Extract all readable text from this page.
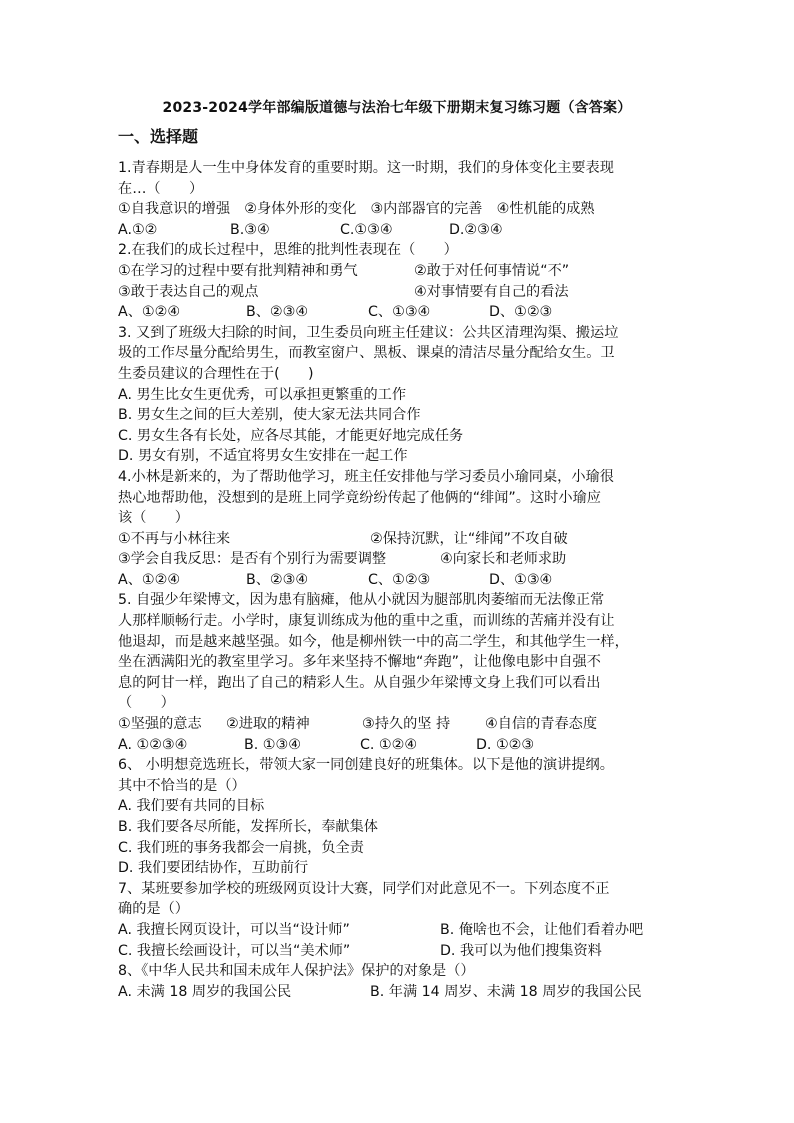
2023-2024学年部编版道德与法治七年级下册期末复习练习题（含答案）
一、选择题
1.青春期是人一生中身体发育的重要时期。这一时期，我们的身体变化主要表现
在…（　　）
①自我意识的增强　②身体外形的变化　③内部器官的完善　④性机能的成熟
A.①②	B.③④	C.①③④	D.②③④
2.在我们的成长过程中，思维的批判性表现在（　　）
①在学习的过程中要有批判精神和勇气	②敢于对任何事情说“不”
③敢于表达自己的观点	④对事情要有自己的看法
A、①②④	B、②③④	C、①③④	D、①②③
3. 又到了班级大扫除的时间，卫生委员向班主任建议：公共区清理沟渠、搬运垃
圾的工作尽量分配给男生，而教室窗户、黑板、课桌的清洁尽量分配给女生。卫
生委员建议的合理性在于(　　)
A. 男生比女生更优秀，可以承担更繁重的工作
B. 男女生之间的巨大差别，使大家无法共同合作
C. 男女生各有长处，应各尽其能，才能更好地完成任务
D. 男女有别，不适宜将男女生安排在一起工作
4.小林是新来的，为了帮助他学习，班主任安排他与学习委员小瑜同桌，小瑜很
热心地帮助他，没想到的是班上同学竟纷纷传起了他俩的“绯闻”。这时小瑜应
该（　　）
①不再与小林往来	②保持沉默，让“绯闻”不攻自破
③学会自我反思：是否有个别行为需要调整	④向家长和老师求助
A、①②④	B、②③④	C、①②③	D、①③④
5. 自强少年梁博文，因为患有脑瘫，他从小就因为腿部肌肉萎缩而无法像正常
人那样顺畅行走。小学时，康复训练成为他的重中之重，而训练的苦痛并没有让
他退却，而是越来越坚强。如今，他是柳州铁一中的高二学生，和其他学生一样，
坐在洒满阳光的教室里学习。多年来坚持不懈地“奔跑”，让他像电影中自强不
息的阿甘一样，跑出了自己的精彩人生。从自强少年梁博文身上我们可以看出
（　　）
①坚强的意志	②进取的精神	③持久的坚 持	④自信的青春态度
A. ①②③④	B. ①③④	C. ①②④	D. ①②③
6、 小明想竞选班长，带领大家一同创建良好的班集体。以下是他的演讲提纲。
其中不恰当的是（）
A. 我们要有共同的目标
B. 我们要各尽所能，发挥所长，奉献集体
C. 我们班的事务我都会一肩挑，负全责
D. 我们要团结协作，互助前行
7、某班要参加学校的班级网页设计大赛，同学们对此意见不一。下列态度不正
确的是（）
A. 我擅长网页设计，可以当“设计师”	B. 俺啥也不会，让他们看着办吧
C. 我擅长绘画设计，可以当“美术师”	D. 我可以为他们搜集资料
8、《中华人民共和国未成年人保护法》保护的对象是（）
A. 未满 18 周岁的我国公民	B. 年满 14 周岁、未满 18 周岁的我国公民
